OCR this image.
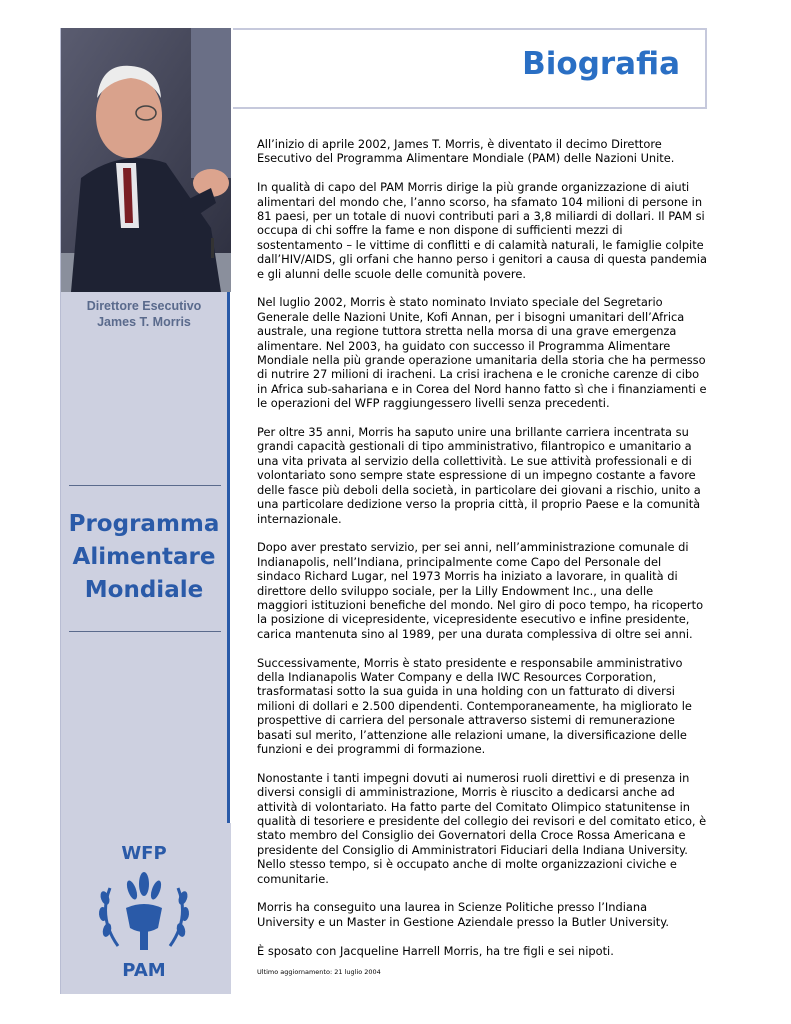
Direttore Esecutivo
James T. Morris
Programma
Alimentare
Mondiale
WFP
PAM
Biografia

All’inizio di aprile 2002, James T. Morris, è diventato il decimo Direttore Esecutivo del Programma Alimentare Mondiale (PAM) delle Nazioni Unite.

In qualità di capo del PAM Morris dirige la più grande organizzazione di aiuti alimentari del mondo che, l’anno scorso, ha sfamato 104 milioni di persone in 81 paesi, per un totale di nuovi contributi pari a 3,8 miliardi di dollari. Il PAM si occupa di chi soffre la fame e non dispone di sufficienti mezzi di sostentamento – le vittime di conflitti e di calamità naturali, le famiglie colpite dall’HIV/AIDS, gli orfani che hanno perso i genitori a causa di questa pandemia e gli alunni delle scuole delle comunità povere.

Nel luglio 2002, Morris è stato nominato Inviato speciale del Segretario Generale delle Nazioni Unite, Kofi Annan, per i bisogni umanitari dell’Africa australe, una regione tuttora stretta nella morsa di una grave emergenza alimentare. Nel 2003, ha guidato con successo il Programma Alimentare Mondiale nella più grande operazione umanitaria della storia che ha permesso di nutrire 27 milioni di iracheni. La crisi irachena e le croniche carenze di cibo in Africa sub-sahariana e in Corea del Nord hanno fatto sì che i finanziamenti e le operazioni del WFP raggiungessero livelli senza precedenti.

Per oltre 35 anni, Morris ha saputo unire una brillante carriera incentrata su grandi capacità gestionali di tipo amministrativo, filantropico e umanitario a una vita privata al servizio della collettività. Le sue attività professionali e di volontariato sono sempre state espressione di un impegno costante a favore delle fasce più deboli della società, in particolare dei giovani a rischio, unito a una particolare dedizione verso la propria città, il proprio Paese e la comunità internazionale.

Dopo aver prestato servizio, per sei anni, nell’amministrazione comunale di Indianapolis, nell’Indiana, principalmente come Capo del Personale del sindaco Richard Lugar, nel 1973 Morris ha iniziato a lavorare, in qualità di direttore dello sviluppo sociale, per la Lilly Endowment Inc., una delle maggiori istituzioni benefiche del mondo. Nel giro di poco tempo, ha ricoperto la posizione di vicepresidente, vicepresidente esecutivo e infine presidente, carica mantenuta sino al 1989, per una durata complessiva di oltre sei anni.

Successivamente, Morris è stato presidente e responsabile amministrativo della Indianapolis Water Company e della IWC Resources Corporation, trasformatasi sotto la sua guida in una holding con un fatturato di diversi milioni di dollari e 2.500 dipendenti. Contemporaneamente, ha migliorato le prospettive di carriera del personale attraverso sistemi di remunerazione basati sul merito, l’attenzione alle relazioni umane, la diversificazione delle funzioni e dei programmi di formazione.

Nonostante i tanti impegni dovuti ai numerosi ruoli direttivi e di presenza in diversi consigli di amministrazione, Morris è riuscito a dedicarsi anche ad attività di volontariato. Ha fatto parte del Comitato Olimpico statunitense in qualità di tesoriere e presidente del collegio dei revisori e del comitato etico, è stato membro del Consiglio dei Governatori della Croce Rossa Americana e presidente del Consiglio di Amministratori Fiduciari della Indiana University. Nello stesso tempo, si è occupato anche di molte organizzazioni civiche e comunitarie.

Morris ha conseguito una laurea in Scienze Politiche presso l’Indiana University e un Master in Gestione Aziendale presso la Butler University.

È sposato con Jacqueline Harrell Morris, ha tre figli e sei nipoti.

Ultimo aggiornamento: 21 luglio 2004
